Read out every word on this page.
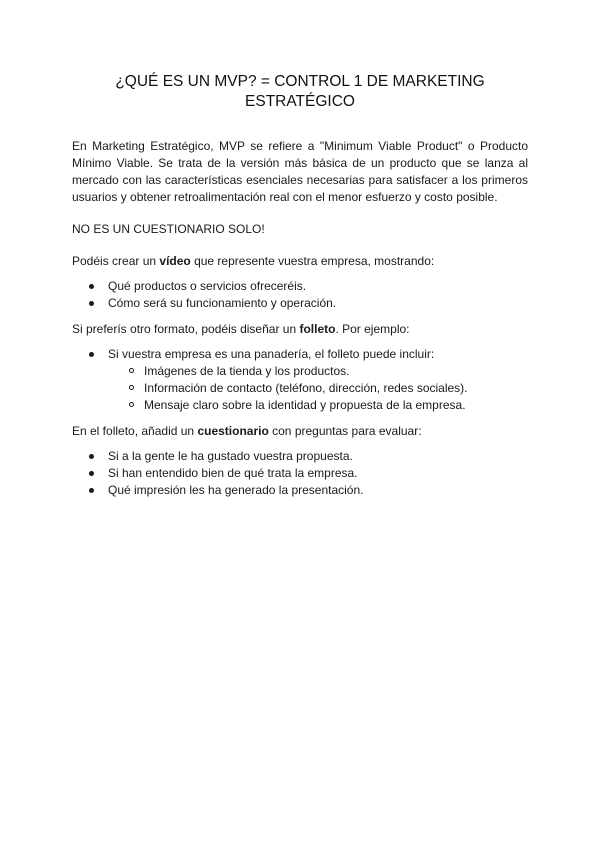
¿QUÉ ES UN MVP? = CONTROL 1 DE MARKETING ESTRATÉGICO

En Marketing Estratégico, MVP se refiere a "Minimum Viable Product" o Producto Mínimo Viable. Se trata de la versión más básica de un producto que se lanza al mercado con las características esenciales necesarias para satisfacer a los primeros usuarios y obtener retroalimentación real con el menor esfuerzo y costo posible.

NO ES UN CUESTIONARIO SOLO!

Podéis crear un vídeo que represente vuestra empresa, mostrando:

Qué productos o servicios ofreceréis.
Cómo será su funcionamiento y operación.

Si preferís otro formato, podéis diseñar un folleto. Por ejemplo:

Si vuestra empresa es una panadería, el folleto puede incluir:
Imágenes de la tienda y los productos.
Información de contacto (teléfono, dirección, redes sociales).
Mensaje claro sobre la identidad y propuesta de la empresa.

En el folleto, añadid un cuestionario con preguntas para evaluar:

Si a la gente le ha gustado vuestra propuesta.
Si han entendido bien de qué trata la empresa.
Qué impresión les ha generado la presentación.
